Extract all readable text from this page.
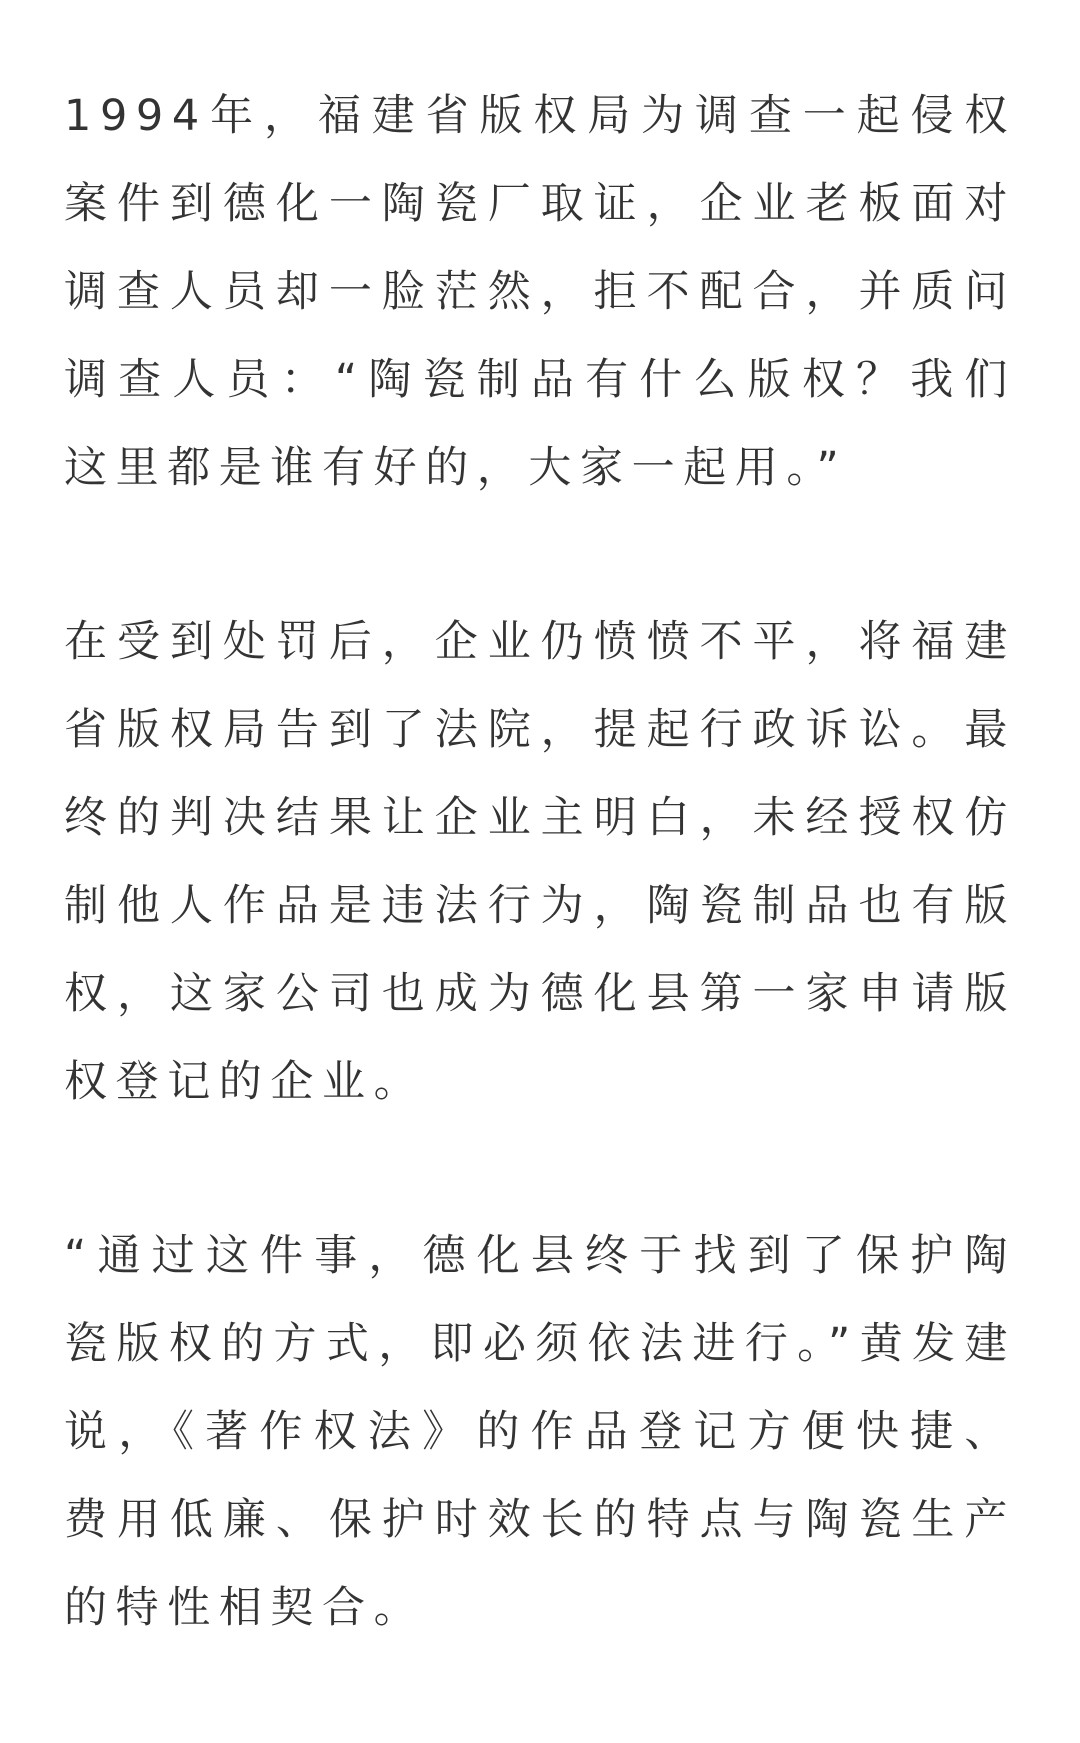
1994年，福建省版权局为调查一起侵权案件到德化一陶瓷厂取证，企业老板面对调查人员却一脸茫然，拒不配合，并质问调查人员：“陶瓷制品有什么版权？我们这里都是谁有好的，大家一起用。”

在受到处罚后，企业仍愤愤不平，将福建省版权局告到了法院，提起行政诉讼。最终的判决结果让企业主明白，未经授权仿制他人作品是违法行为，陶瓷制品也有版权，这家公司也成为德化县第一家申请版权登记的企业。

“通过这件事，德化县终于找到了保护陶瓷版权的方式，即必须依法进行。”黄发建说，《著作权法》的作品登记方便快捷、费用低廉、保护时效长的特点与陶瓷生产的特性相契合。
